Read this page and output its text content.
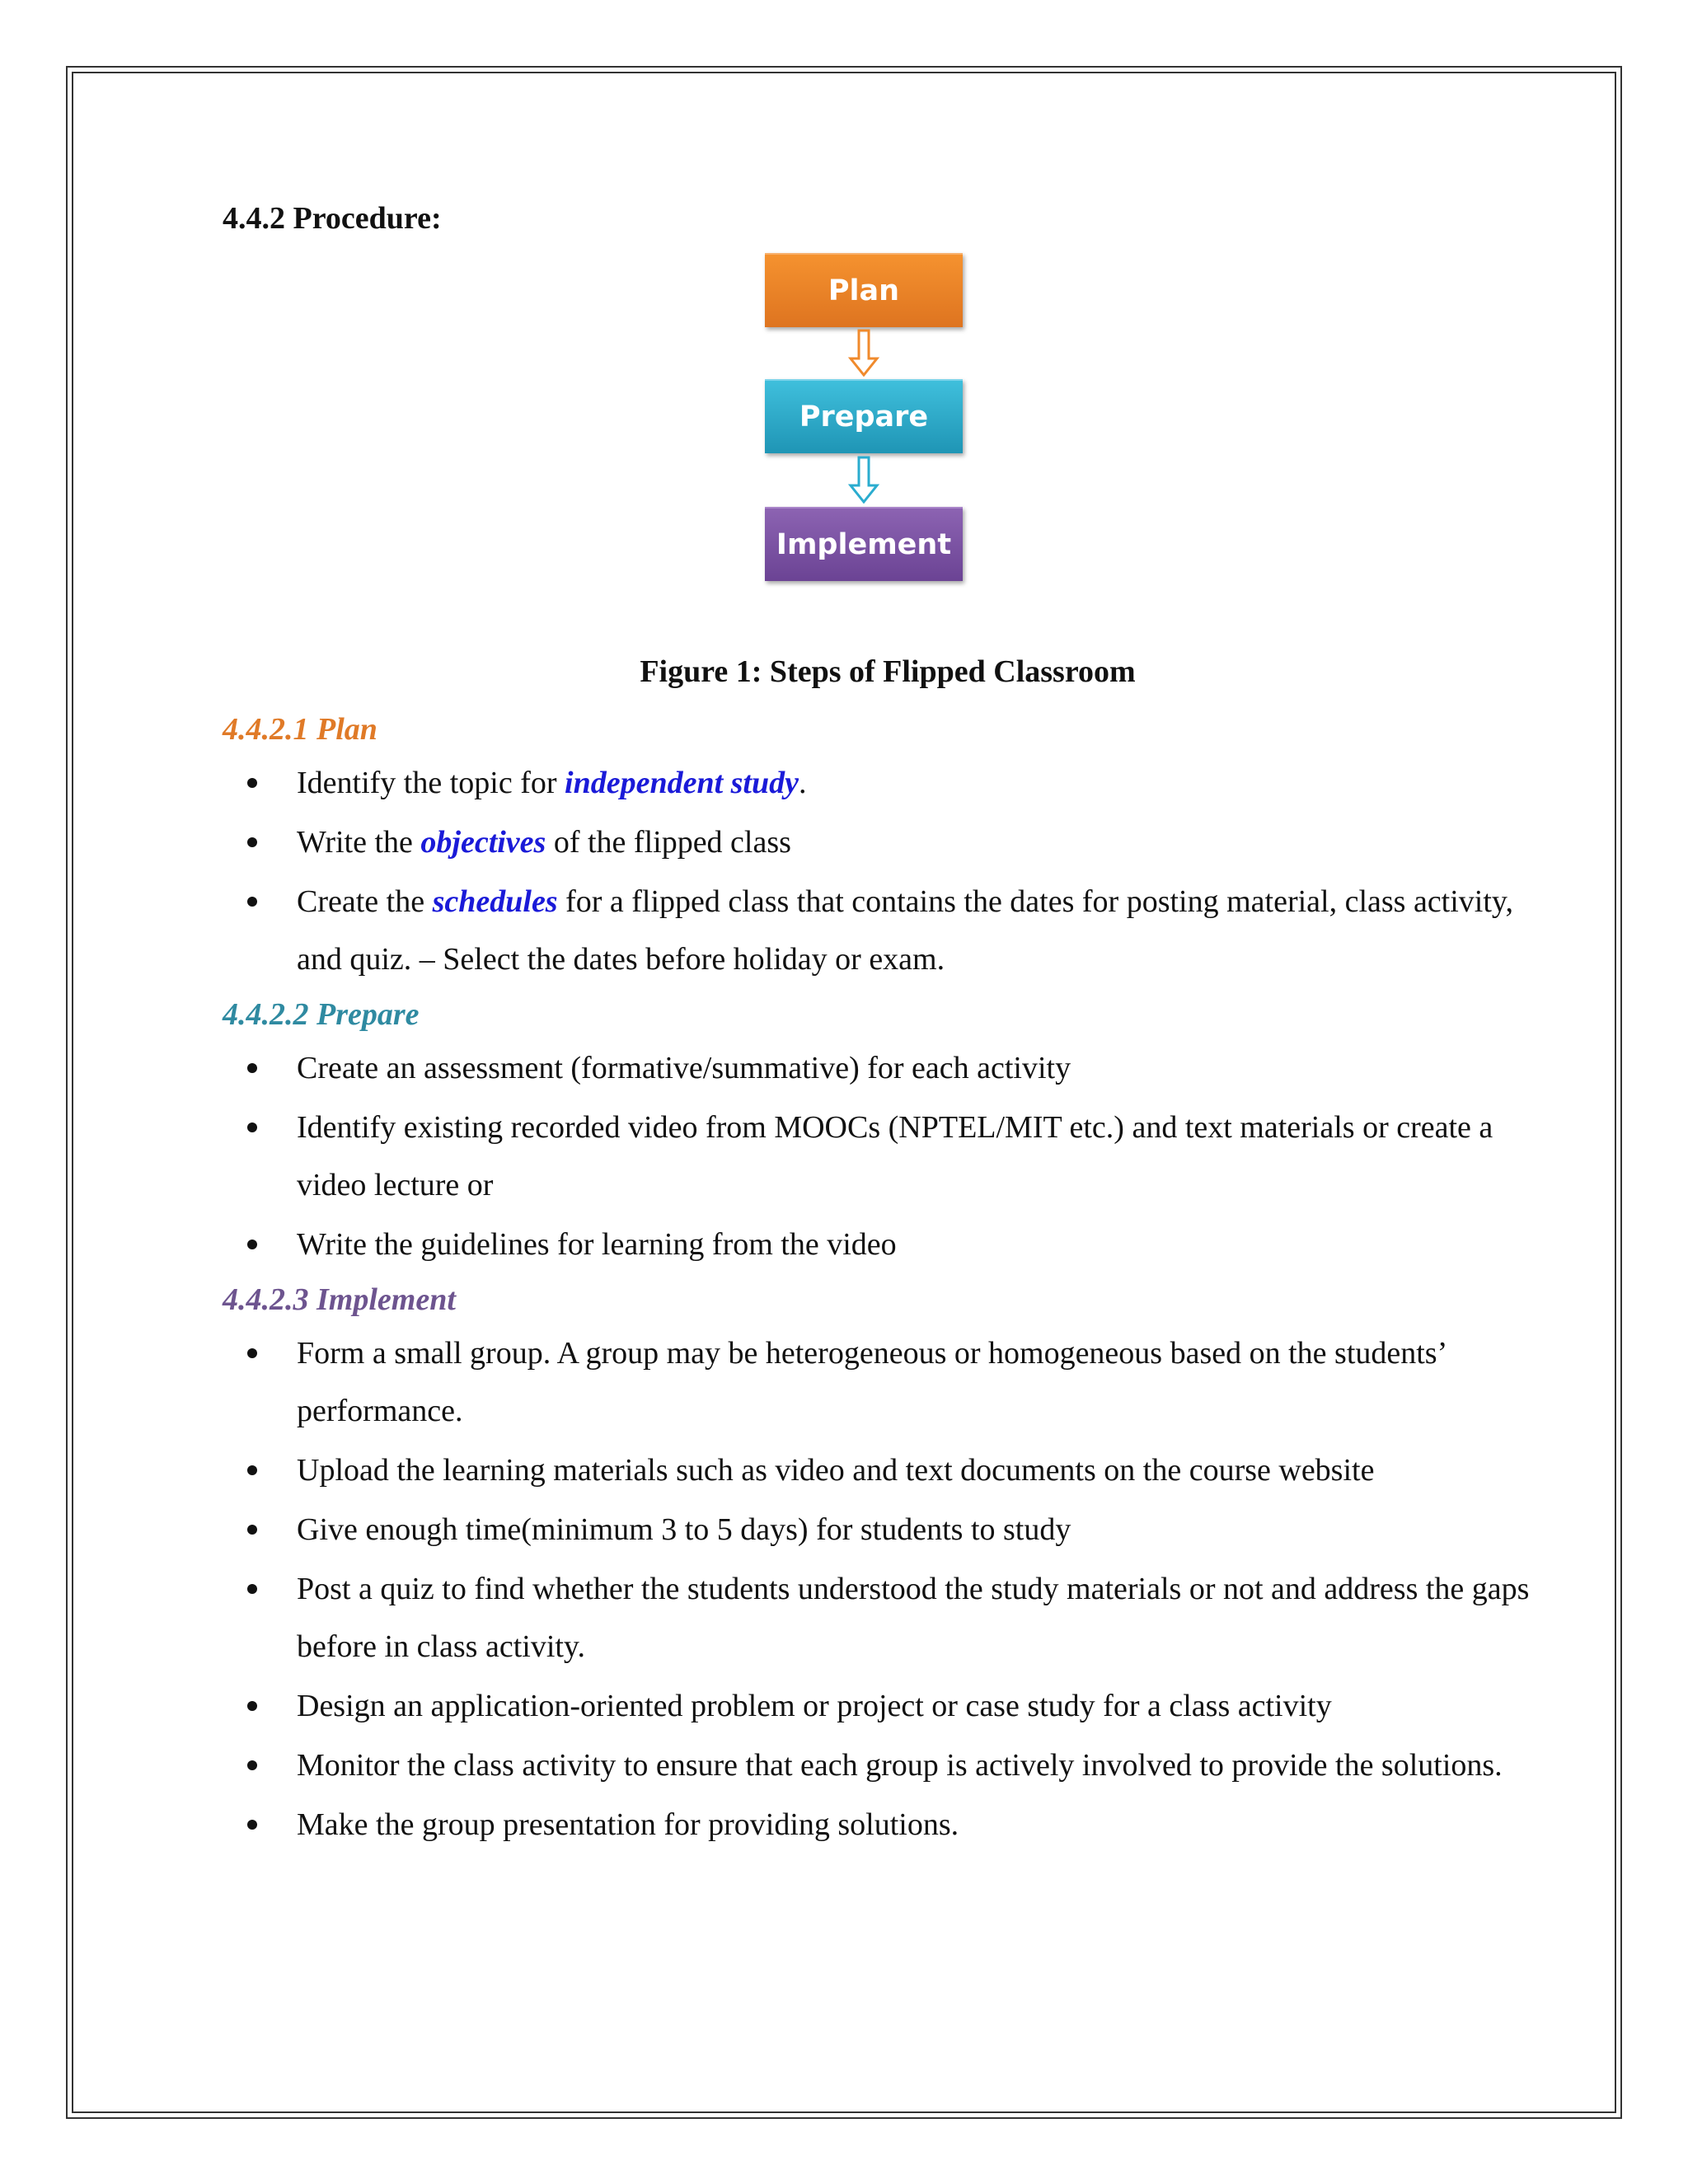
4.4.2 Procedure:
Plan
Prepare
Implement

Figure 1: Steps of Flipped Classroom

4.4.2.1 Plan
Identify the topic for independent study.
Write the objectives of the flipped class
Create the schedules for a flipped class that contains the dates for posting material, class activity, and quiz. – Select the dates before holiday or exam.
4.4.2.2 Prepare
Create an assessment (formative/summative) for each activity
Identify existing recorded video from MOOCs (NPTEL/MIT etc.) and text materials or create a video lecture or
Write the guidelines for learning from the video
4.4.2.3 Implement
Form a small group. A group may be heterogeneous or homogeneous based on the students’ performance.
Upload the learning materials such as video and text documents on the course website
Give enough time(minimum 3 to 5 days) for students to study
Post a quiz to find whether the students understood the study materials or not and address the gaps before in class activity.
Design an application-oriented problem or project or case study for a class activity
Monitor the class activity to ensure that each group is actively involved to provide the solutions.
Make the group presentation for providing solutions.
